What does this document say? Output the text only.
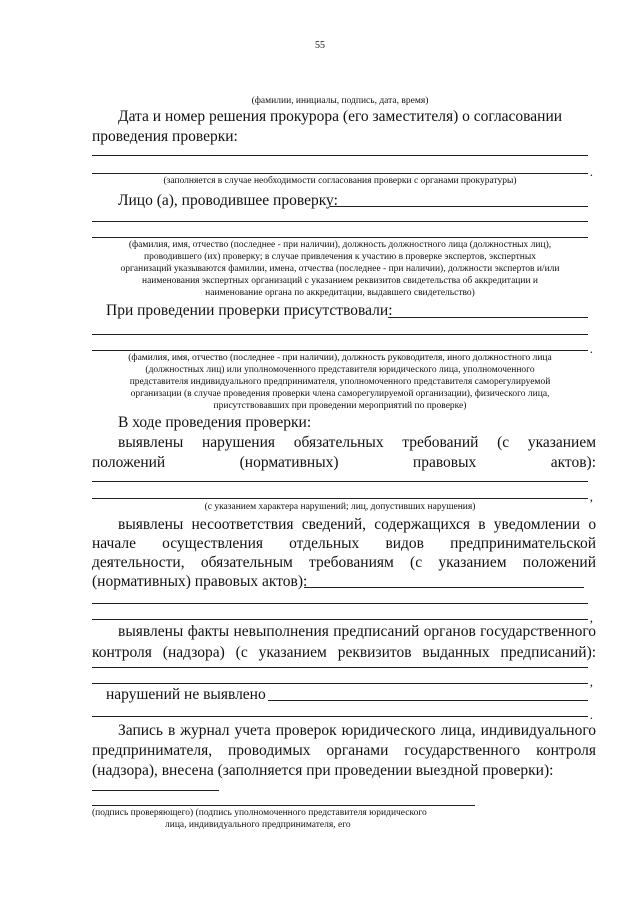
55
(фамилии, инициалы, подпись, дата, время)
Дата и номер решения прокурора (его заместителя) о согласовании
проведения проверки:
.
(заполняется в случае необходимости согласования проверки с органами прокуратуры)
Лицо (а), проводившее проверку:
(фамилия, имя, отчество (последнее - при наличии), должность должностного лица (должностных лиц),
проводившего (их) проверку; в случае привлечения к участию в проверке экспертов, экспертных
организаций указываются фамилии, имена, отчества (последнее - при наличии), должности экспертов и/или
наименования экспертных организаций с указанием реквизитов свидетельства об аккредитации и
наименование органа по аккредитации, выдавшего свидетельство)
При проведении проверки присутствовали:
.
(фамилия, имя, отчество (последнее - при наличии), должность руководителя, иного должностного лица
(должностных лиц) или уполномоченного представителя юридического лица, уполномоченного
представителя индивидуального предпринимателя, уполномоченного представителя саморегулируемой
организации (в случае проведения проверки члена саморегулируемой организации), физического лица,
присутствовавших при проведении мероприятий по проверке)
В ходе проведения проверки:
выявлены нарушения обязательных требований (с указанием
положений	(нормативных)	правовых	актов):
,
(с указанием характера нарушений; лиц, допустивших нарушения)
выявлены несоответствия сведений, содержащихся в уведомлении о
начале осуществления отдельных видов предпринимательской
деятельности, обязательным требованиям (с указанием положений
(нормативных) правовых актов):
,
выявлены факты невыполнения предписаний органов государственного
контроля (надзора) (с указанием реквизитов выданных предписаний):
,
нарушений не выявлено
.
Запись в журнал учета проверок юридического лица, индивидуального
предпринимателя, проводимых органами государственного контроля
(надзора), внесена (заполняется при проведении выездной проверки):
(подпись проверяющего) (подпись уполномоченного представителя юридического
лица, индивидуального предпринимателя, его
